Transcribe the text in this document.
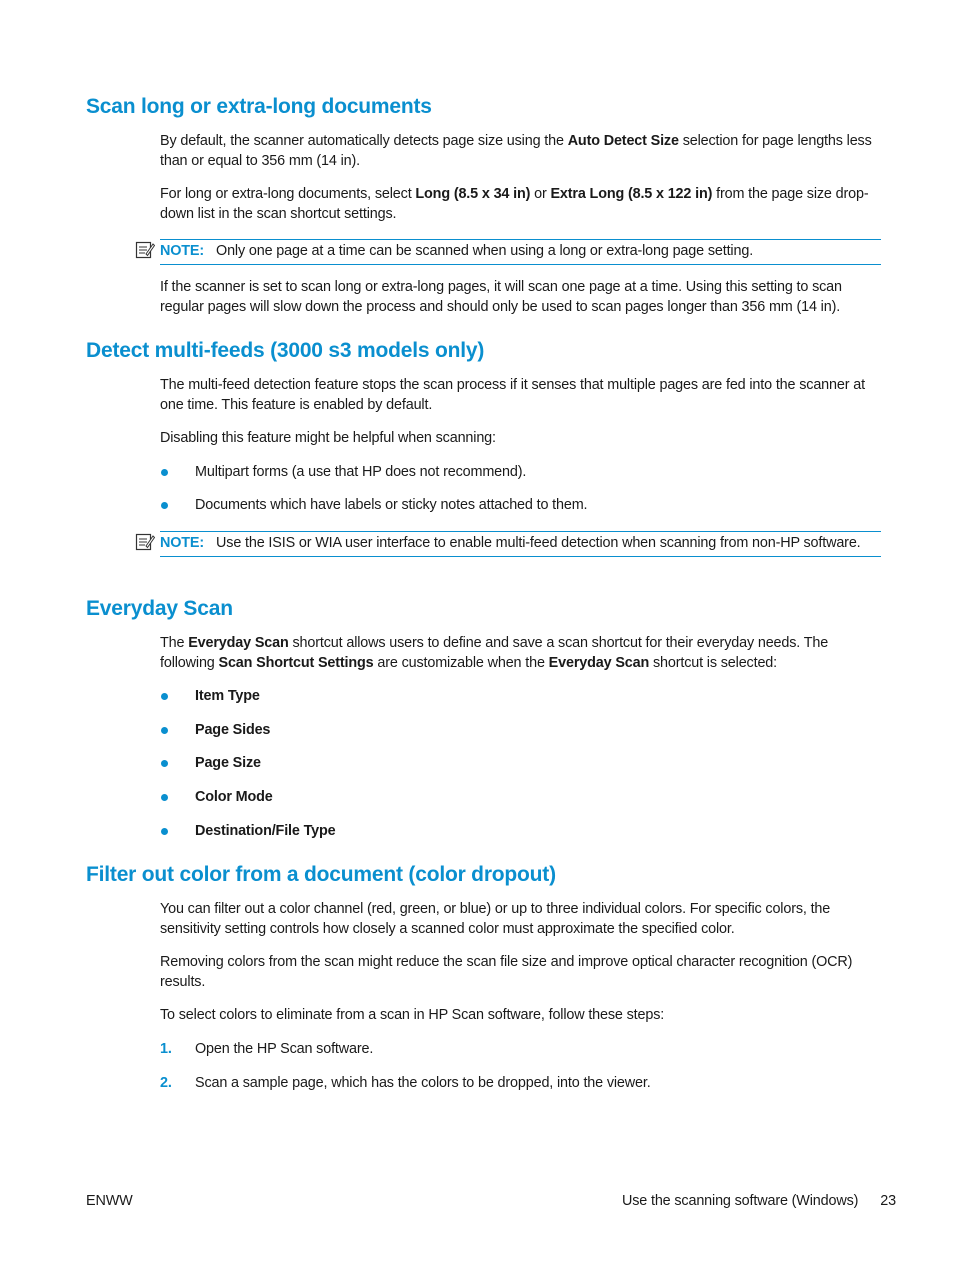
Scan long or extra-long documents

By default, the scanner automatically detects page size using the Auto Detect Size selection for page lengths less than or equal to 356 mm (14 in).

For long or extra-long documents, select Long (8.5 x 34 in) or Extra Long (8.5 x 122 in) from the page size drop-down list in the scan shortcut settings.

NOTE: Only one page at a time can be scanned when using a long or extra-long page setting.

If the scanner is set to scan long or extra-long pages, it will scan one page at a time. Using this setting to scan regular pages will slow down the process and should only be used to scan pages longer than 356 mm (14 in).

Detect multi-feeds (3000 s3 models only)

The multi-feed detection feature stops the scan process if it senses that multiple pages are fed into the scanner at one time. This feature is enabled by default.

Disabling this feature might be helpful when scanning:

Multipart forms (a use that HP does not recommend).
Documents which have labels or sticky notes attached to them.
NOTE: Use the ISIS or WIA user interface to enable multi-feed detection when scanning from non-HP software.
Everyday Scan

The Everyday Scan shortcut allows users to define and save a scan shortcut for their everyday needs. The following Scan Shortcut Settings are customizable when the Everyday Scan shortcut is selected:

Item Type
Page Sides
Page Size
Color Mode
Destination/File Type
Filter out color from a document (color dropout)

You can filter out a color channel (red, green, or blue) or up to three individual colors. For specific colors, the sensitivity setting controls how closely a scanned color must approximate the specified color.

Removing colors from the scan might reduce the scan file size and improve optical character recognition (OCR) results.

To select colors to eliminate from a scan in HP Scan software, follow these steps:

1. Open the HP Scan software.
2. Scan a sample page, which has the colors to be dropped, into the viewer.
ENWW	Use the scanning software (Windows) 23
